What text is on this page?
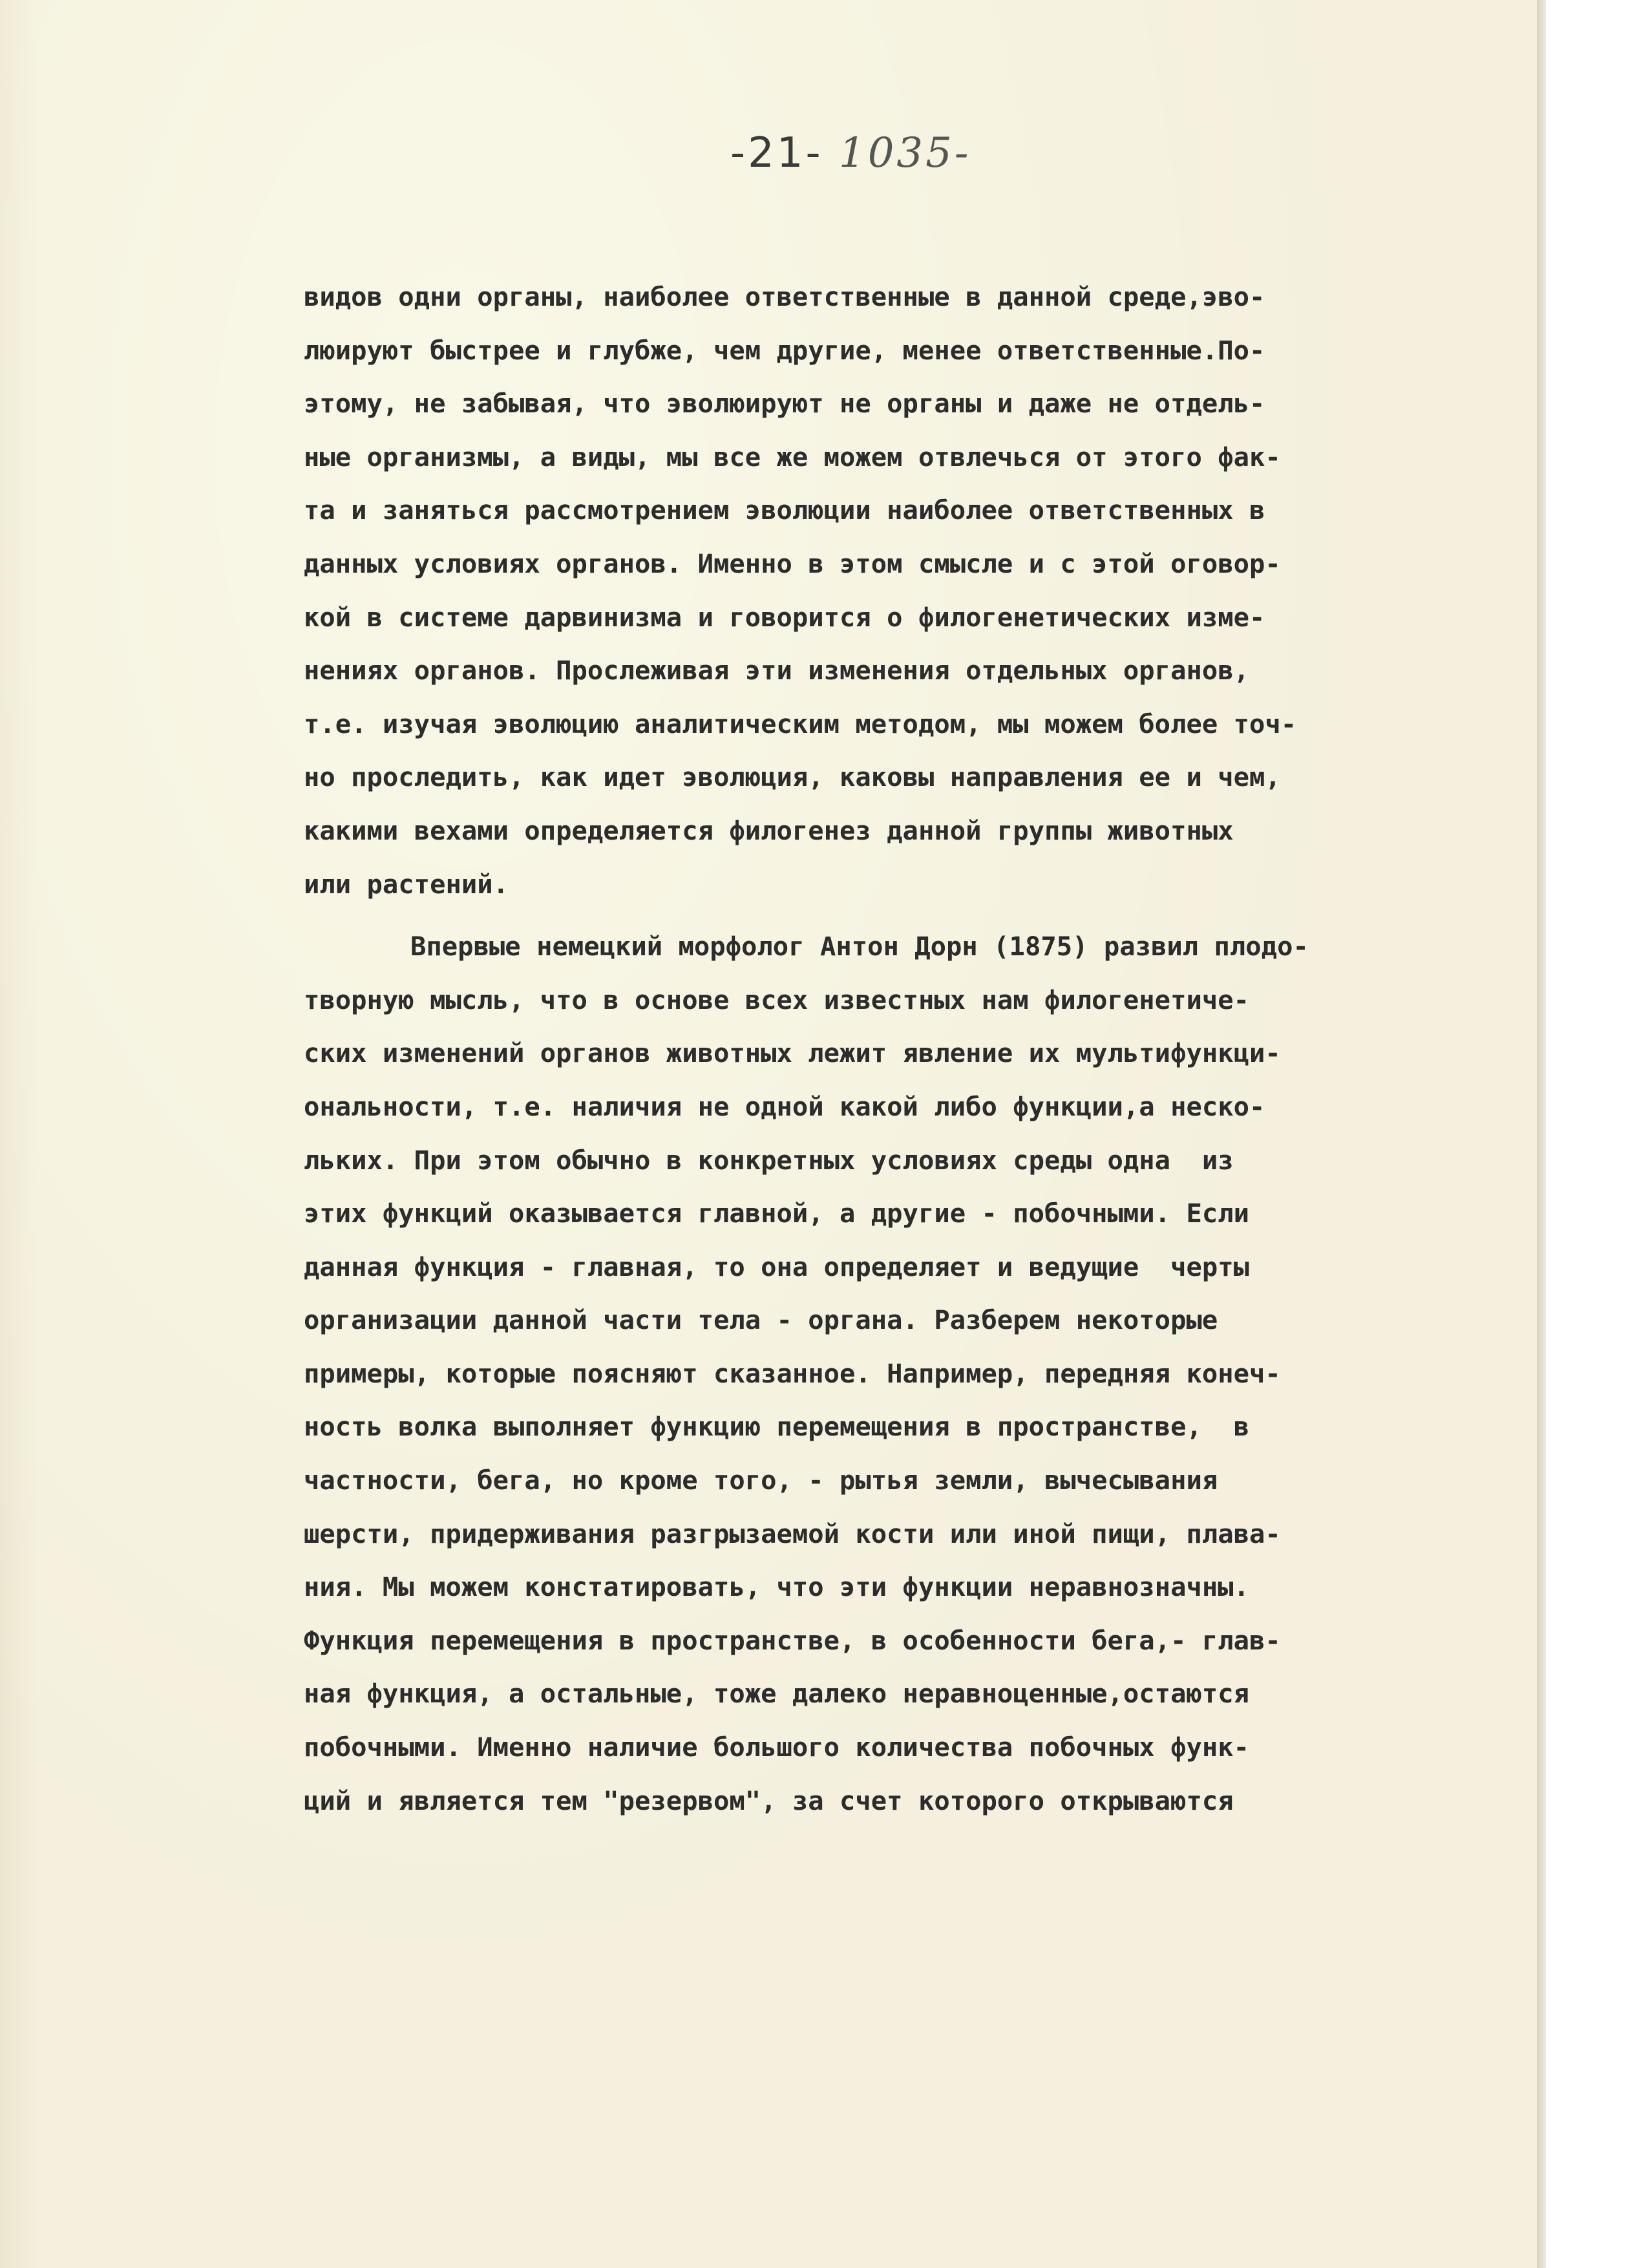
-21- 1035-
видов одни органы, наиболее ответственные в данной среде,эво-
люируют быстрее и глубже, чем другие, менее ответственные.По-
этому, не забывая, что эволюируют не органы и даже не отдель-
ные организмы, а виды, мы все же можем отвлечься от этого фак-
та и заняться рассмотрением эволюции наиболее ответственных в
данных условиях органов. Именно в этом смысле и с этой оговор-
кой в системе дарвинизма и говорится о филогенетических изме-
нениях органов. Прослеживая эти изменения отдельных органов,
т.е. изучая эволюцию аналитическим методом, мы можем более точ-
но проследить, как идет эволюция, каковы направления ее и чем,
какими вехами определяется филогенез данной группы животных
или растений.
Впервые немецкий морфолог Антон Дорн (1875) развил плодо-
творную мысль, что в основе всех известных нам филогенетиче-
ских изменений органов животных лежит явление их мультифункци-
ональности, т.е. наличия не одной какой либо функции,а неско-
льких. При этом обычно в конкретных условиях среды одна  из
этих функций оказывается главной, а другие - побочными. Если
данная функция - главная, то она определяет и ведущие  черты
организации данной части тела - органа. Разберем некоторые
примеры, которые поясняют сказанное. Например, передняя конеч-
ность волка выполняет функцию перемещения в пространстве,  в
частности, бега, но кроме того, - рытья земли, вычесывания
шерсти, придерживания разгрызаемой кости или иной пищи, плава-
ния. Мы можем констатировать, что эти функции неравнозначны.
Функция перемещения в пространстве, в особенности бега,- глав-
ная функция, а остальные, тоже далеко неравноценные,остаются
побочными. Именно наличие большого количества побочных функ-
ций и является тем "резервом", за счет которого открываются
